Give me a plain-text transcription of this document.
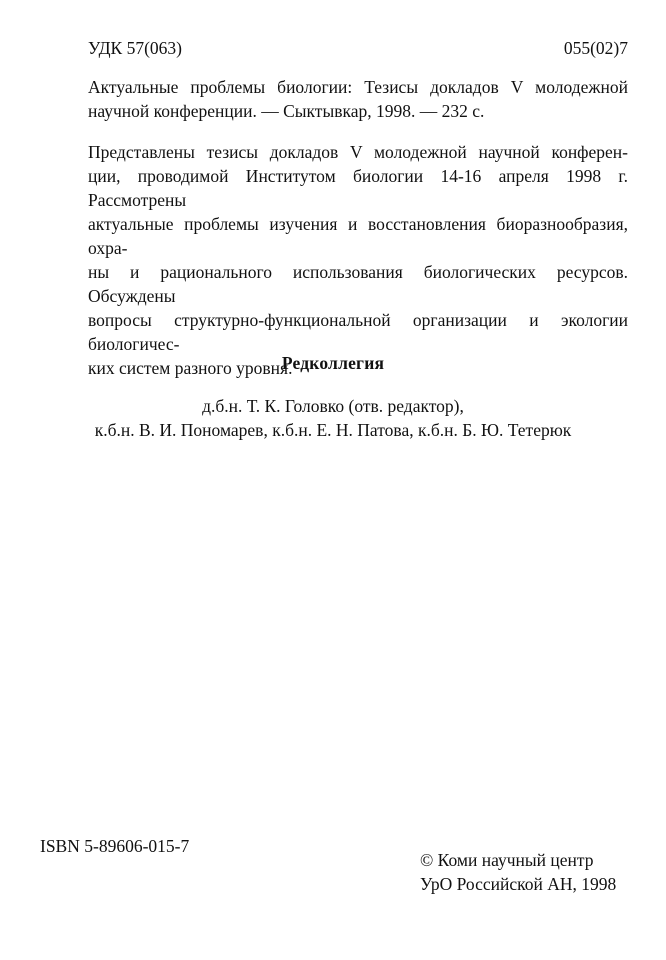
УДК 57(063)	055(02)7

Актуальные проблемы биологии: Тезисы докладов V молодежной
научной конференции. — Сыктывкар, 1998. — 232 с.
Представлены тезисы докладов V молодежной научной конферен-
ции, проводимой Институтом биологии 14-16 апреля 1998 г. Рассмотрены
актуальные проблемы изучения и восстановления биоразнообразия, охра-
ны и рационального использования биологических ресурсов. Обсуждены
вопросы структурно-функциональной организации и экологии биологичес-
ких систем разного уровня.

Редколлегия

д.б.н. Т. К. Головко (отв. редактор),

к.б.н. В. И. Пономарев, к.б.н. Е. Н. Патова, к.б.н. Б. Ю. Тетерюк

ISBN 5-89606-015-7

© Коми научный центр
УрО Российской АН, 1998
